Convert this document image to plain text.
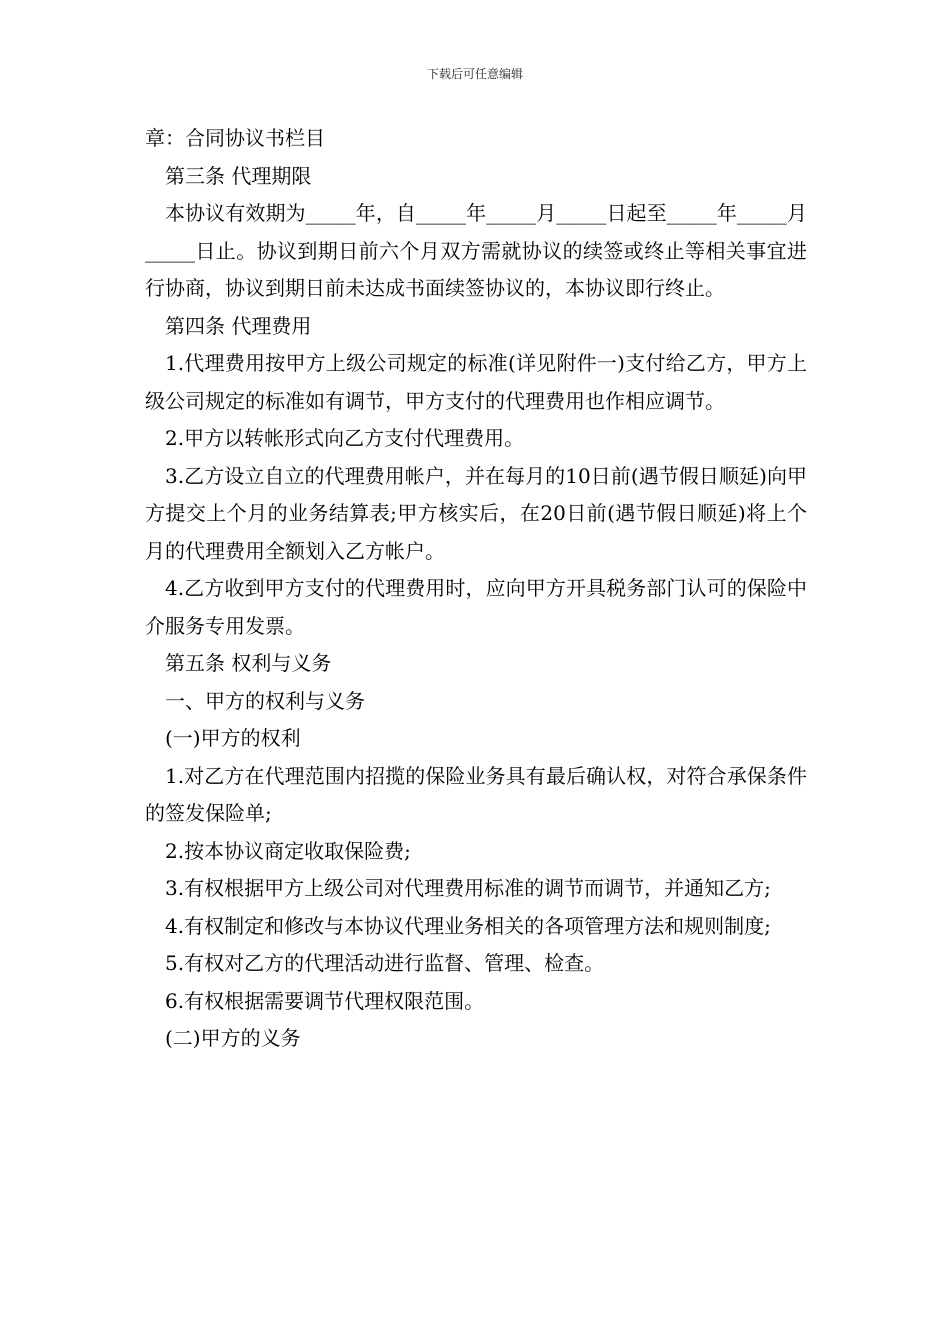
下载后可任意编辑

章：合同协议书栏目

第三条 代理期限

本协议有效期为_____年，自_____年_____月_____日起至_____年_____月_____日止。协议到期日前六个月双方需就协议的续签或终止等相关事宜进行协商，协议到期日前未达成书面续签协议的，本协议即行终止。

第四条 代理费用

1.代理费用按甲方上级公司规定的标准(详见附件一)支付给乙方，甲方上级公司规定的标准如有调节，甲方支付的代理费用也作相应调节。

2.甲方以转帐形式向乙方支付代理费用。

3.乙方设立自立的代理费用帐户，并在每月的10日前(遇节假日顺延)向甲方提交上个月的业务结算表;甲方核实后，在20日前(遇节假日顺延)将上个月的代理费用全额划入乙方帐户。

4.乙方收到甲方支付的代理费用时，应向甲方开具税务部门认可的保险中介服务专用发票。

第五条 权利与义务

一、甲方的权利与义务

(一)甲方的权利

1.对乙方在代理范围内招揽的保险业务具有最后确认权，对符合承保条件的签发保险单;

2.按本协议商定收取保险费;

3.有权根据甲方上级公司对代理费用标准的调节而调节，并通知乙方;

4.有权制定和修改与本协议代理业务相关的各项管理方法和规则制度;

5.有权对乙方的代理活动进行监督、管理、检查。

6.有权根据需要调节代理权限范围。

(二)甲方的义务
